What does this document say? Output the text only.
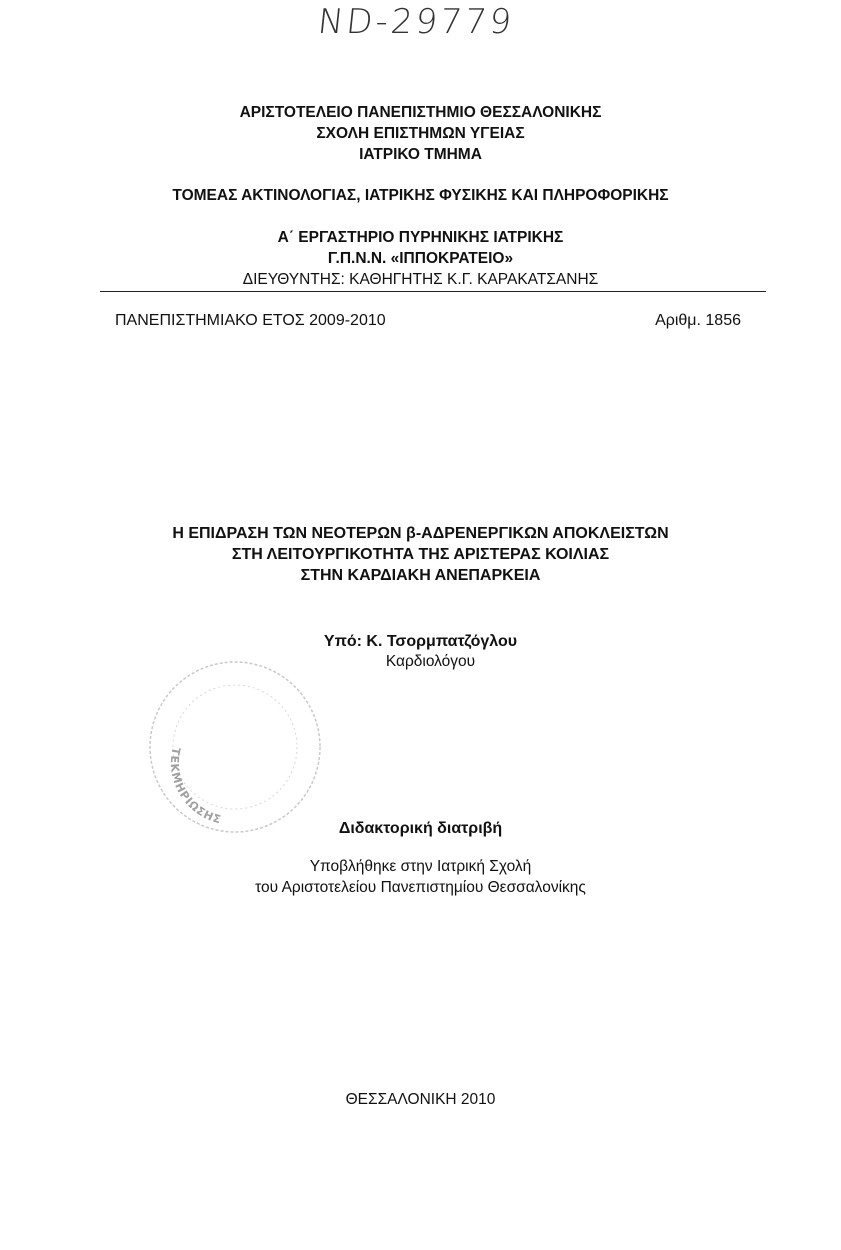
ND-29779
ΑΡΙΣΤΟΤΕΛΕΙΟ ΠΑΝΕΠΙΣΤΗΜΙΟ ΘΕΣΣΑΛΟΝΙΚΗΣ
ΣΧΟΛΗ ΕΠΙΣΤΗΜΩΝ ΥΓΕΙΑΣ
ΙΑΤΡΙΚΟ ΤΜΗΜΑ
ΤΟΜΕΑΣ ΑΚΤΙΝΟΛΟΓΙΑΣ, ΙΑΤΡΙΚΗΣ ΦΥΣΙΚΗΣ ΚΑΙ ΠΛΗΡΟΦΟΡΙΚΗΣ
Α΄ ΕΡΓΑΣΤΗΡΙΟ ΠΥΡΗΝΙΚΗΣ ΙΑΤΡΙΚΗΣ
Γ.Π.Ν.Ν. «ΙΠΠΟΚΡΑΤΕΙΟ»
ΔΙΕΥΘΥΝΤΗΣ: ΚΑΘΗΓΗΤΗΣ Κ.Γ. ΚΑΡΑΚΑΤΣΑΝΗΣ
ΠΑΝΕΠΙΣΤΗΜΙΑΚΟ ΕΤΟΣ 2009-2010	Αριθμ. 1856
Η ΕΠΙΔΡΑΣΗ ΤΩΝ ΝΕΟΤΕΡΩΝ β-ΑΔΡΕΝΕΡΓΙΚΩΝ ΑΠΟΚΛΕΙΣΤΩΝ
ΣΤΗ ΛΕΙΤΟΥΡΓΙΚΟΤΗΤΑ ΤΗΣ ΑΡΙΣΤΕΡΑΣ ΚΟΙΛΙΑΣ
ΣΤΗΝ ΚΑΡΔΙΑΚΗ ΑΝΕΠΑΡΚΕΙΑ
Υπό: Κ. Τσορμπατζόγλου
Καρδιολόγου
ΤΕΚΜΗΡΙΩΣΗΣ
Διδακτορική διατριβή
Υποβλήθηκε στην Ιατρική Σχολή
του Αριστοτελείου Πανεπιστημίου Θεσσαλονίκης
ΘΕΣΣΑΛΟΝΙΚΗ 2010
